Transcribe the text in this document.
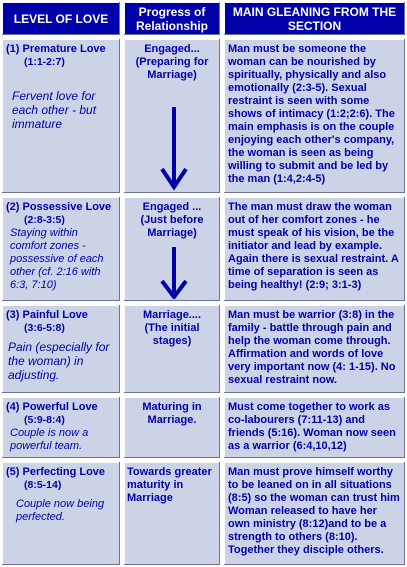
LEVEL OF LOVE	Progress of Relationship
MAIN GLEANING FROM THE SECTION
(1) Premature Love
(1:1-2:7)
Fervent love for each other - but immature
Engaged...
(Preparing for Marriage)
Man must be someone the woman can be nourished by spiritually, physically and also emotionally (2:3-5). Sexual restraint is seen with some shows of intimacy (1:2;2:6). The main emphasis is on the couple enjoying each other's company, the woman is seen as being willing to submit and be led by the man (1:4,2:4-5)
(2) Possessive Love
(2:8-3:5)
Staying within comfort zones - possessive of each other (cf. 2:16 with 6:3, 7:10)
Engaged ...
(Just before Marriage)
The man must draw the woman out of her comfort zones - he must speak of his vision, be the initiator and lead by example. Again there is sexual restraint. A time of separation is seen as being healthy! (2:9; 3:1-3)
(3) Painful Love
(3:6-5:8)
Pain (especially for the woman) in adjusting.
Marriage....
(The initial stages)
Man must be warrior (3:8) in the family - battle through pain and help the woman come through. Affirmation and words of love very important now (4: 1-15). No sexual restraint now.
(4) Powerful Love
(5:9-8:4)
Couple is now a powerful team.
Maturing in Marriage.
Must come together to work as co-labourers (7:11-13) and friends (5:16). Woman now seen as a warrior (6:4,10,12)
(5) Perfecting Love
(8:5-14)
Couple now being perfected.
Towards greater maturity in Marriage
Man must prove himself worthy to be leaned on in all situations (8:5) so the woman can trust him Woman released to have her own ministry (8:12)and to be a strength to others (8:10). Together they disciple others.
